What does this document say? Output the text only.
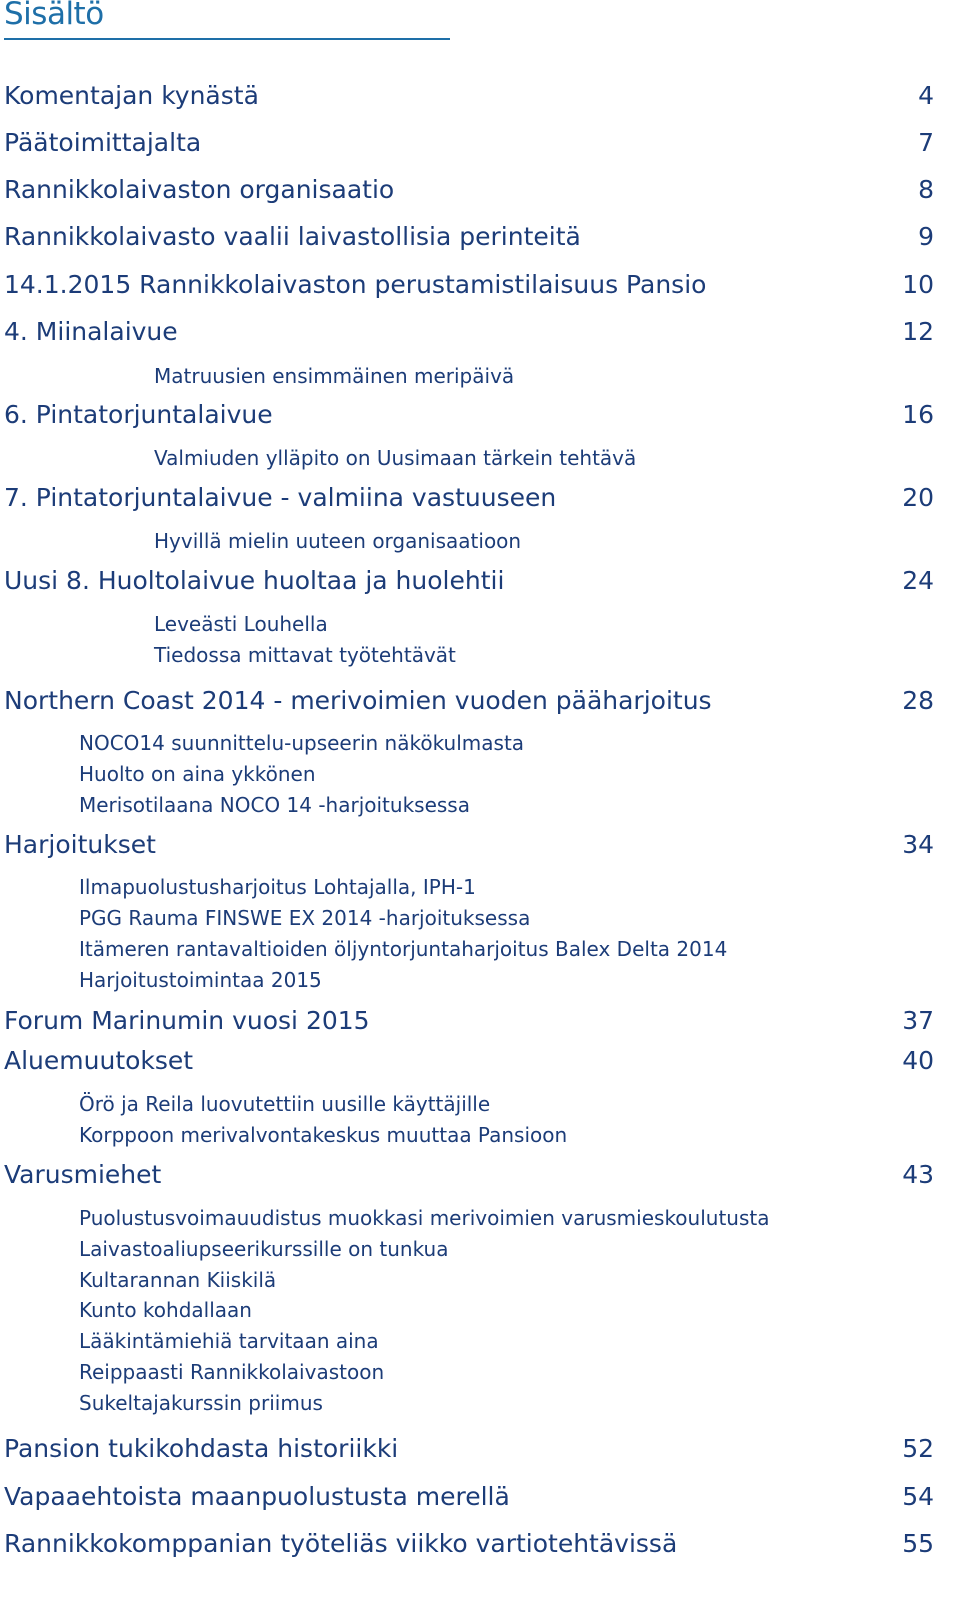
Sisältö
Komentajan kynästä	4
Päätoimittajalta	7
Rannikkolaivaston organisaatio	8
Rannikkolaivasto vaalii laivastollisia perinteitä	9
14.1.2015 Rannikkolaivaston perustamistilaisuus Pansio	10
4. Miinalaivue	12
Matruusien ensimmäinen meripäivä
6. Pintatorjuntalaivue	16
Valmiuden ylläpito on Uusimaan tärkein tehtävä
7. Pintatorjuntalaivue - valmiina vastuuseen	20
Hyvillä mielin uuteen organisaatioon
Uusi 8. Huoltolaivue huoltaa ja huolehtii	24
Leveästi Louhella
Tiedossa mittavat työtehtävät
Northern Coast 2014 - merivoimien vuoden pääharjoitus	28
NOCO14 suunnittelu-upseerin näkökulmasta
Huolto on aina ykkönen
Merisotilaana NOCO 14 -harjoituksessa
Harjoitukset	34
Ilmapuolustusharjoitus Lohtajalla, IPH-1
PGG Rauma FINSWE EX 2014 -harjoituksessa
Itämeren rantavaltioiden öljyntorjuntaharjoitus Balex Delta 2014
Harjoitustoimintaa 2015
Forum Marinumin vuosi 2015	37
Aluemuutokset	40
Örö ja Reila luovutettiin uusille käyttäjille
Korppoon merivalvontakeskus muuttaa Pansioon
Varusmiehet	43
Puolustusvoimauudistus muokkasi merivoimien varusmieskoulutusta
Laivastoaliupseerikurssille on tunkua
Kultarannan Kiiskilä
Kunto kohdallaan
Lääkintämiehiä tarvitaan aina
Reippaasti Rannikkolaivastoon
Sukeltajakurssin priimus
Pansion tukikohdasta historiikki	52
Vapaaehtoista maanpuolustusta merellä	54
Rannikkokomppanian työteliäs viikko vartiotehtävissä	55
